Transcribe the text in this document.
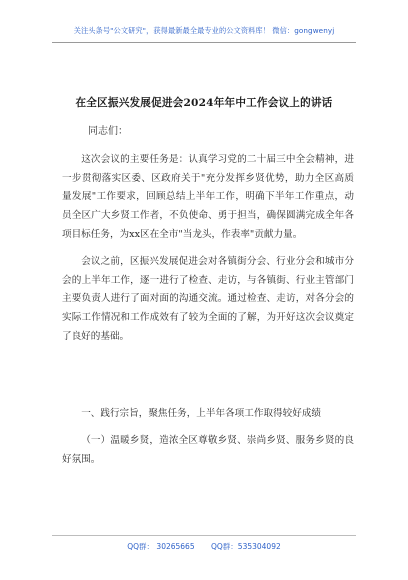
关注头条号"公文研究"，获得最新最全最专业的公文资料库！ 微信：gongwenyj
在全区振兴发展促进会2024年年中工作会议上的讲话
同志们：

这次会议的主要任务是：认真学习党的二十届三中全会精神，进一步贯彻落实区委、区政府关于"充分发挥乡贤优势，助力全区高质量发展"工作要求，回顾总结上半年工作，明确下半年工作重点，动员全区广大乡贤工作者，不负使命、勇于担当，确保圆满完成全年各项目标任务，为xx区在全市"当龙头，作表率"贡献力量。

会议之前，区振兴发展促进会对各镇街分会、行业分会和城市分会的上半年工作，逐一进行了检查、走访，与各镇街、行业主管部门主要负责人进行了面对面的沟通交流。通过检查、走访，对各分会的实际工作情况和工作成效有了较为全面的了解，为开好这次会议奠定了良好的基础。

一、践行宗旨，聚焦任务，上半年各项工作取得较好成绩

（一）温暖乡贤，造浓全区尊敬乡贤、崇尚乡贤、服务乡贤的良好氛围。

QQ群： 30265665 QQ群：535304092
